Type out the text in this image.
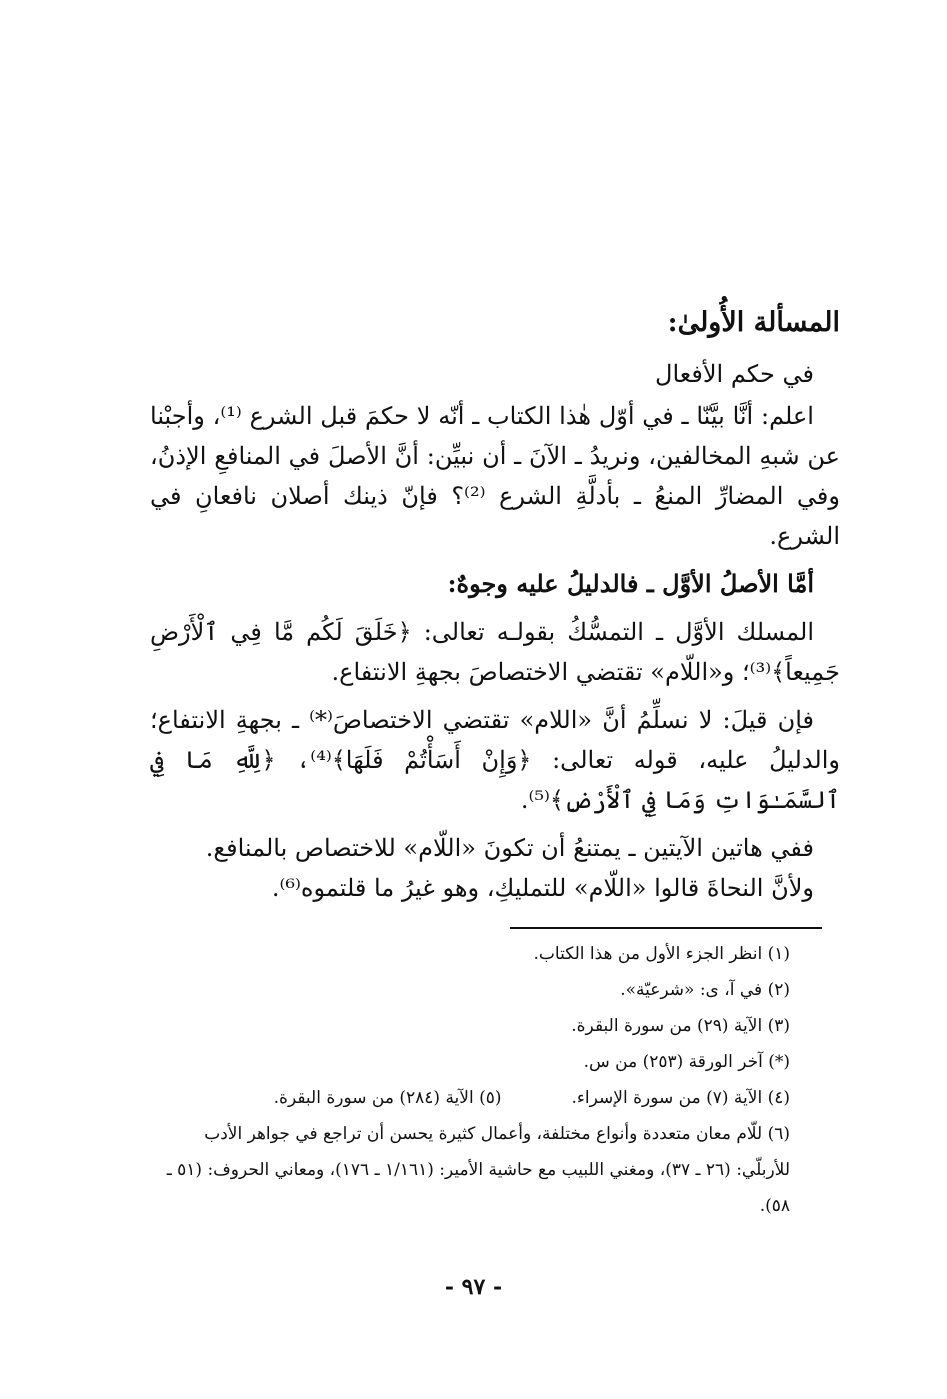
المسألة الأُولىٰ:
في حكم الأفعال

اعلم: أنَّا بيَّنّا ـ في أوّل هٰذا الكتاب ـ أنّه لا حكمَ قبل الشرع ⁽¹⁾، وأجبْنا عن شبهِ المخالفين، ونريدُ ـ الآنَ ـ أن نبيِّن: أنَّ الأصلَ في المنافعِ الإذنُ، وفي المضارِّ المنعُ ـ بأدلَّةِ الشرع ⁽²⁾؟ فإنّ ذينك أصلان نافعانِ في الشرع.

أمَّا الأصلُ الأوَّل ـ فالدليلُ عليه وجوهٌ:

المسلك الأوَّل ـ التمسُّكُ بقولـه تعالى: ﴿خَلَقَ لَكُم مَّا فِي ٱلْأَرْضِ جَمِيعاً﴾⁽³⁾؛ و«اللّام» تقتضي الاختصاصَ بجهةِ الانتفاع.

فإن قيلَ: لا نسلِّمُ أنَّ «اللام» تقتضي الاختصاصَ⁽*⁾ ـ بجهةِ الانتفاع؛ والدليلُ عليه، قوله تعالى: ﴿وَإِنْ أَسَأْتُمْ فَلَهَا﴾⁽⁴⁾، ﴿لِلَّهِ مَا فِي ٱلسَّمَـٰوَاتِ وَمَا فِي ٱلْأَرْضِ﴾⁽⁵⁾.

ففي هاتين الآيتين ـ يمتنعُ أن تكونَ «اللّام» للاختصاص بالمنافع.

ولأنَّ النحاةَ قالوا «اللّام» للتمليكِ، وهو غيرُ ما قلتموه⁽⁶⁾.

(١) انظر الجزء الأول من هذا الكتاب.

(٢) في آ، ى: «شرعيّة».

(٣) الآية (٢٩) من سورة البقرة.

(*) آخر الورقة (٢٥٣) من س.

(٤) الآية (٧) من سورة الإسراء.
(٥) الآية (٢٨٤) من سورة البقرة.

(٦) للّام معان متعددة وأنواع مختلفة، وأعمال كثيرة يحسن أن تراجع في جواهر الأدب للأربلّي: (٢٦ ـ ٣٧)، ومغني اللبيب مع حاشية الأمير: (١/١٦١ ـ ١٧٦)، ومعاني الحروف: (٥١ ـ ٥٨).

- ٩٧ -
